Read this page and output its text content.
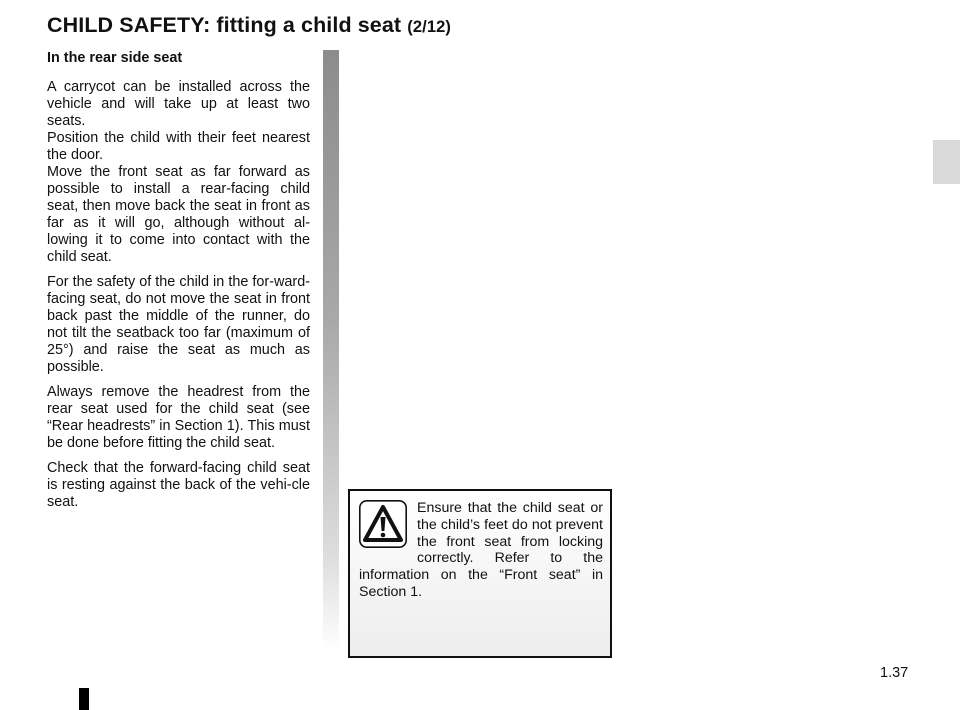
CHILD SAFETY: fitting a child seat (2/12)

In the rear side seat

A carrycot can be installed across the vehicle and will take up at least two seats.
Position the child with their feet nearest the door.
Move the front seat as far forward as possible to install a rear-facing child seat, then move back the seat in front as far as it will go, although without al-lowing it to come into contact with the child seat.

For the safety of the child in the for-ward-facing seat, do not move the seat in front back past the middle of the runner, do not tilt the seatback too far (maximum of 25°) and raise the seat as much as possible.

Always remove the headrest from the rear seat used for the child seat (see “Rear headrests” in Section 1). This must be done before fitting the child seat.

Check that the forward-facing child seat is resting against the back of the vehi-cle seat.	Ensure that the child seat or the child’s feet do not prevent the front seat from locking correctly. Refer to the information on the “Front seat” in Section 1.

1.37
